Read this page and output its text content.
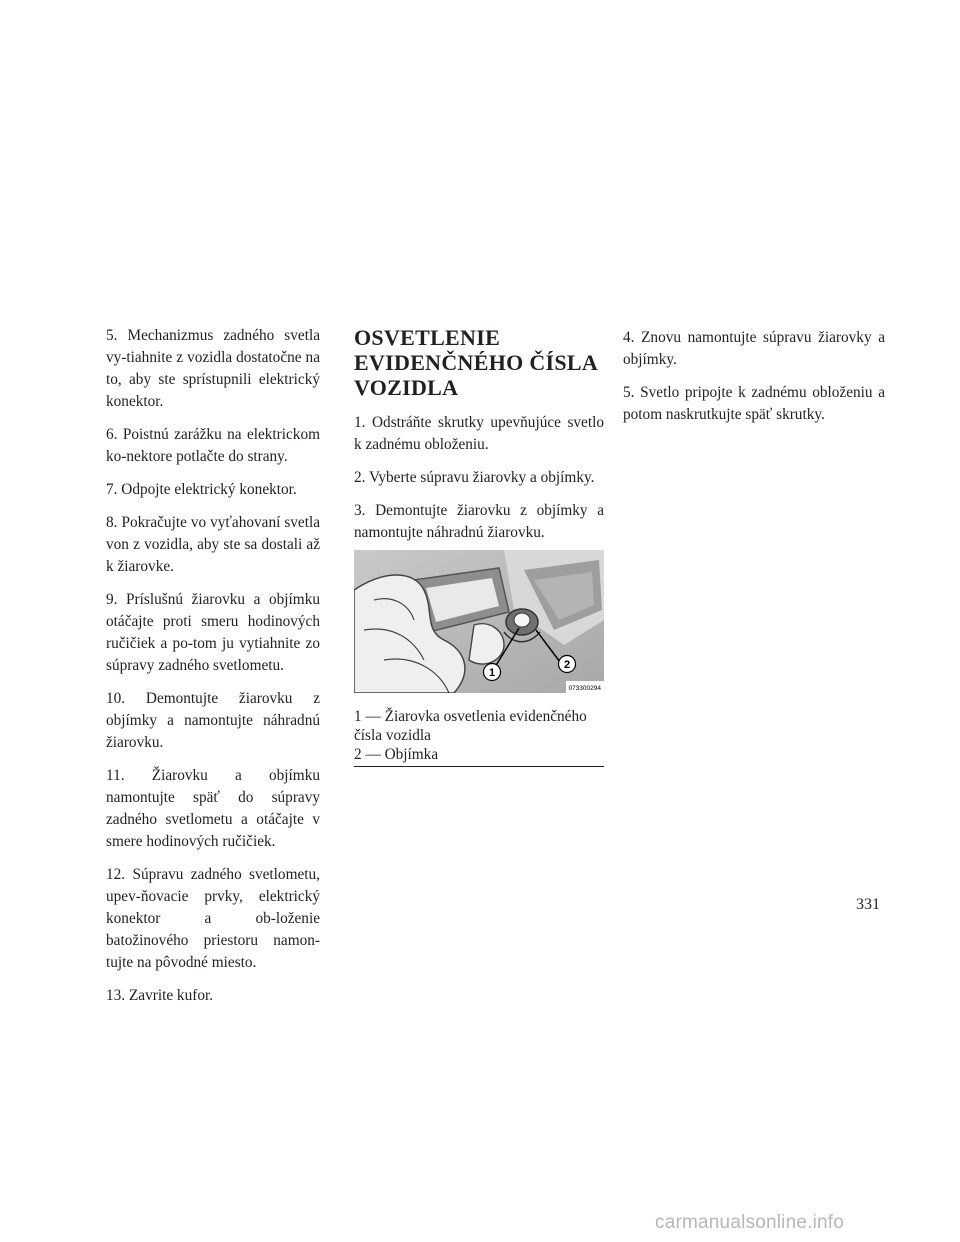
5. Mechanizmus zadného svetla vy-tiahnite z vozidla dostatočne na to, aby ste sprístupnili elektrický konektor.

6. Poistnú zarážku na elektrickom ko-nektore potlačte do strany.

7. Odpojte elektrický konektor.

8. Pokračujte vo vyťahovaní svetla von z vozidla, aby ste sa dostali až k žiarovke.

9. Príslušnú žiarovku a objímku otáčajte proti smeru hodinových ručičiek a po-tom ju vytiahnite zo súpravy zadného svetlometu.

10. Demontujte žiarovku z objímky a namontujte náhradnú žiarovku.

11. Žiarovku a objímku namontujte späť do súpravy zadného svetlometu a otáčajte v smere hodinových ručičiek.

12. Súpravu zadného svetlometu, upev-ňovacie prvky, elektrický konektor a ob-loženie batožinového priestoru namon-tujte na pôvodné miesto.

13. Zavrite kufor.

OSVETLENIE
EVIDENČNÉHO ČÍSLA
VOZIDLA

1. Odstráňte skrutky upevňujúce svetlo k zadnému obloženiu.

2. Vyberte súpravu žiarovky a objímky.

3. Demontujte žiarovku z objímky a namontujte náhradnú žiarovku.

1
2
073300294
1 — Žiarovka osvetlenia evidenčného
čísla vozidla
2 — Objímka

4. Znovu namontujte súpravu žiarovky a objímky.

5. Svetlo pripojte k zadnému obloženiu a potom naskrutkujte späť skrutky.

331
carmanualsonline.info
